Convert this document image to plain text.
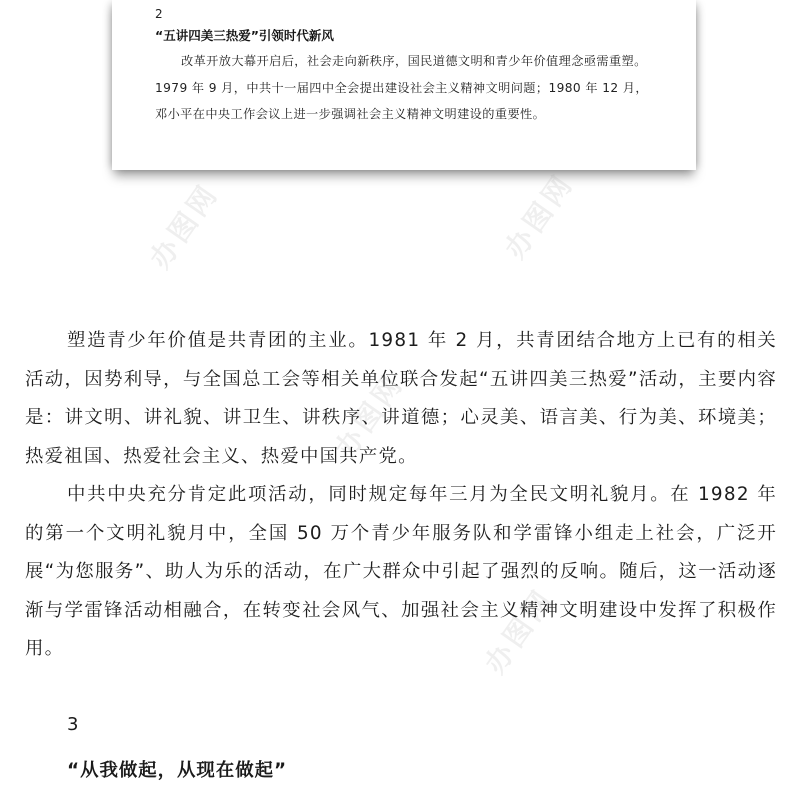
2

“五讲四美三热爱”引领时代新风

改革开放大幕开启后，社会走向新秩序，国民道德文明和青少年价值理念亟需重塑。1979 年 9 月，中共十一届四中全会提出建设社会主义精神文明问题；1980 年 12 月，邓小平在中央工作会议上进一步强调社会主义精神文明建设的重要性。

办图网	办图网
办图网
办图网

塑造青少年价值是共青团的主业。1981 年 2 月，共青团结合地方上已有的相关活动，因势利导，与全国总工会等相关单位联合发起“五讲四美三热爱”活动，主要内容是：讲文明、讲礼貌、讲卫生、讲秩序、讲道德；心灵美、语言美、行为美、环境美；热爱祖国、热爱社会主义、热爱中国共产党。

中共中央充分肯定此项活动，同时规定每年三月为全民文明礼貌月。在 1982 年的第一个文明礼貌月中，全国 50 万个青少年服务队和学雷锋小组走上社会，广泛开展“为您服务”、助人为乐的活动，在广大群众中引起了强烈的反响。随后，这一活动逐渐与学雷锋活动相融合，在转变社会风气、加强社会主义精神文明建设中发挥了积极作用。

3

“从我做起，从现在做起”
